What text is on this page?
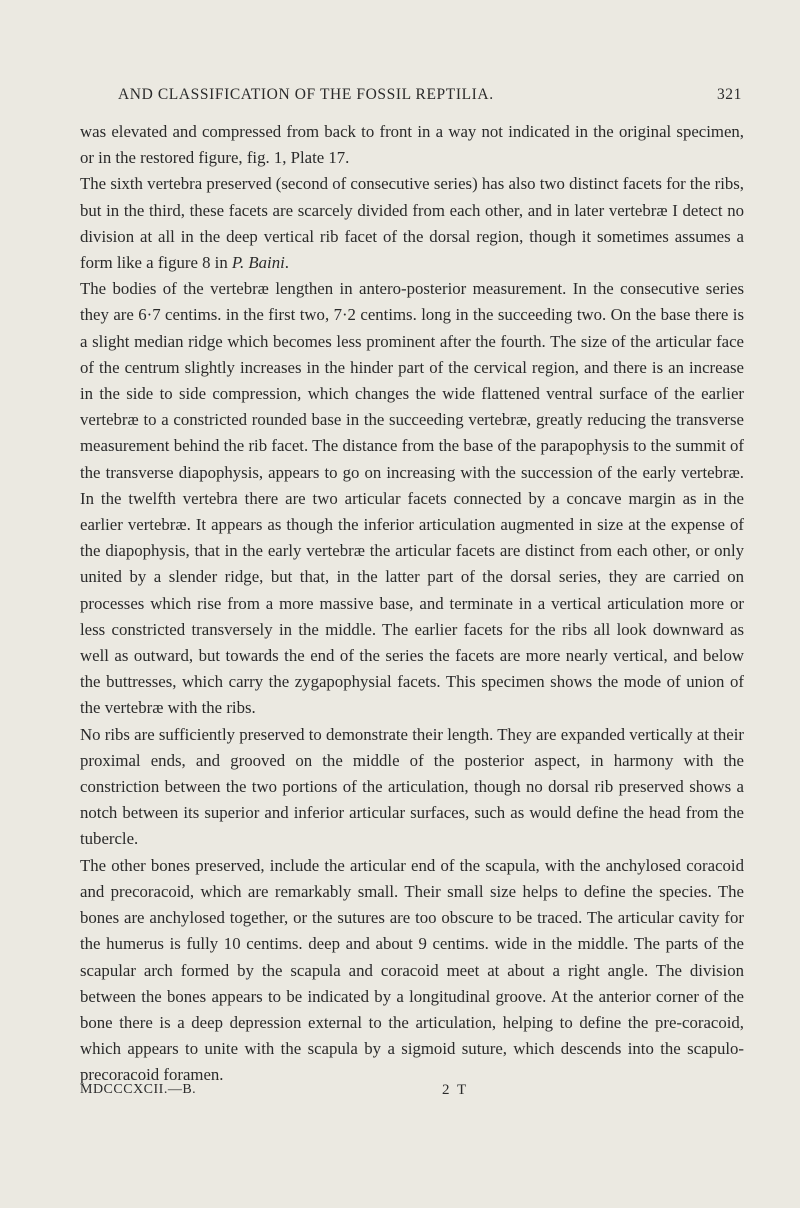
AND CLASSIFICATION OF THE FOSSIL REPTILIA.	321

was elevated and compressed from back to front in a way not indicated in the original specimen, or in the restored figure, fig. 1, Plate 17.

The sixth vertebra preserved (second of consecutive series) has also two distinct facets for the ribs, but in the third, these facets are scarcely divided from each other, and in later vertebræ I detect no division at all in the deep vertical rib facet of the dorsal region, though it sometimes assumes a form like a figure 8 in P. Baini.

The bodies of the vertebræ lengthen in antero-posterior measurement. In the consecutive series they are 6·7 centims. in the first two, 7·2 centims. long in the succeeding two. On the base there is a slight median ridge which becomes less prominent after the fourth. The size of the articular face of the centrum slightly increases in the hinder part of the cervical region, and there is an increase in the side to side compression, which changes the wide flattened ventral surface of the earlier vertebræ to a constricted rounded base in the succeeding vertebræ, greatly reducing the transverse measurement behind the rib facet. The distance from the base of the parapophysis to the summit of the transverse diapophysis, appears to go on increasing with the succession of the early vertebræ. In the twelfth vertebra there are two articular facets connected by a concave margin as in the earlier vertebræ. It appears as though the inferior articulation augmented in size at the expense of the diapophysis, that in the early vertebræ the articular facets are distinct from each other, or only united by a slender ridge, but that, in the latter part of the dorsal series, they are carried on processes which rise from a more massive base, and terminate in a vertical articulation more or less constricted transversely in the middle. The earlier facets for the ribs all look downward as well as outward, but towards the end of the series the facets are more nearly vertical, and below the buttresses, which carry the zygapophysial facets. This specimen shows the mode of union of the vertebræ with the ribs.

No ribs are sufficiently preserved to demonstrate their length. They are expanded vertically at their proximal ends, and grooved on the middle of the posterior aspect, in harmony with the constriction between the two portions of the articulation, though no dorsal rib preserved shows a notch between its superior and inferior articular surfaces, such as would define the head from the tubercle.

The other bones preserved, include the articular end of the scapula, with the anchylosed coracoid and precoracoid, which are remarkably small. Their small size helps to define the species. The bones are anchylosed together, or the sutures are too obscure to be traced. The articular cavity for the humerus is fully 10 centims. deep and about 9 centims. wide in the middle. The parts of the scapular arch formed by the scapula and coracoid meet at about a right angle. The division between the bones appears to be indicated by a longitudinal groove. At the anterior corner of the bone there is a deep depression external to the articulation, helping to define the pre-coracoid, which appears to unite with the scapula by a sigmoid suture, which descends into the scapulo-precoracoid foramen.

MDCCCXCII.—B.	2 T
